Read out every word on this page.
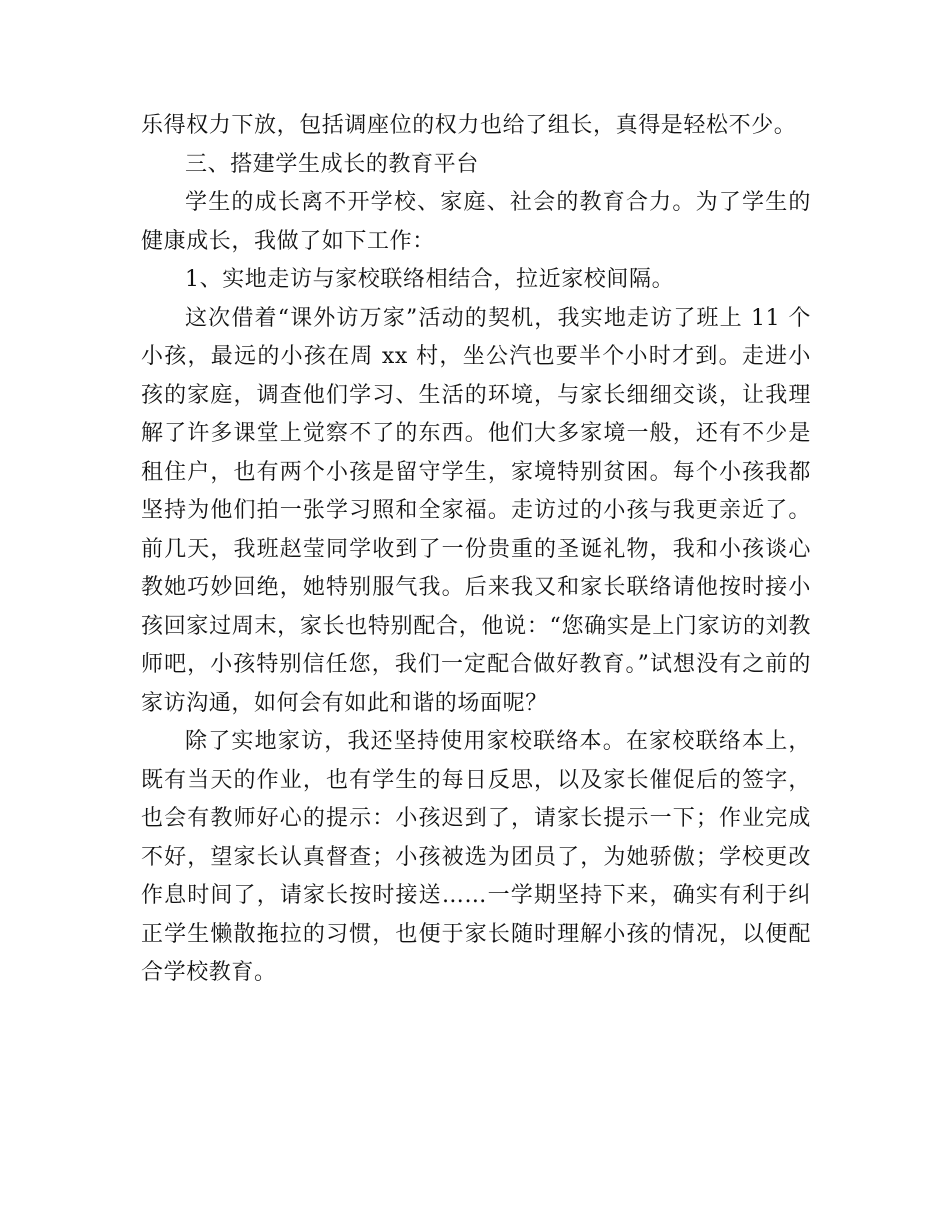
乐得权力下放，包括调座位的权力也给了组长，真得是轻松不少。

三、搭建学生成长的教育平台

学生的成长离不开学校、家庭、社会的教育合力。为了学生的健康成长，我做了如下工作：

1、实地走访与家校联络相结合，拉近家校间隔。

这次借着“课外访万家”活动的契机，我实地走访了班上 11 个小孩，最远的小孩在周 xx 村，坐公汽也要半个小时才到。走进小孩的家庭，调查他们学习、生活的环境，与家长细细交谈，让我理解了许多课堂上觉察不了的东西。他们大多家境一般，还有不少是租住户，也有两个小孩是留守学生，家境特别贫困。每个小孩我都坚持为他们拍一张学习照和全家福。走访过的小孩与我更亲近了。前几天，我班赵莹同学收到了一份贵重的圣诞礼物，我和小孩谈心教她巧妙回绝，她特别服气我。后来我又和家长联络请他按时接小孩回家过周末，家长也特别配合，他说：“您确实是上门家访的刘教师吧，小孩特别信任您，我们一定配合做好教育。”试想没有之前的家访沟通，如何会有如此和谐的场面呢？

除了实地家访，我还坚持使用家校联络本。在家校联络本上，既有当天的作业，也有学生的每日反思，以及家长催促后的签字，也会有教师好心的提示：小孩迟到了，请家长提示一下；作业完成不好，望家长认真督查；小孩被选为团员了，为她骄傲；学校更改作息时间了，请家长按时接送……一学期坚持下来，确实有利于纠正学生懒散拖拉的习惯，也便于家长随时理解小孩的情况，以便配合学校教育。
